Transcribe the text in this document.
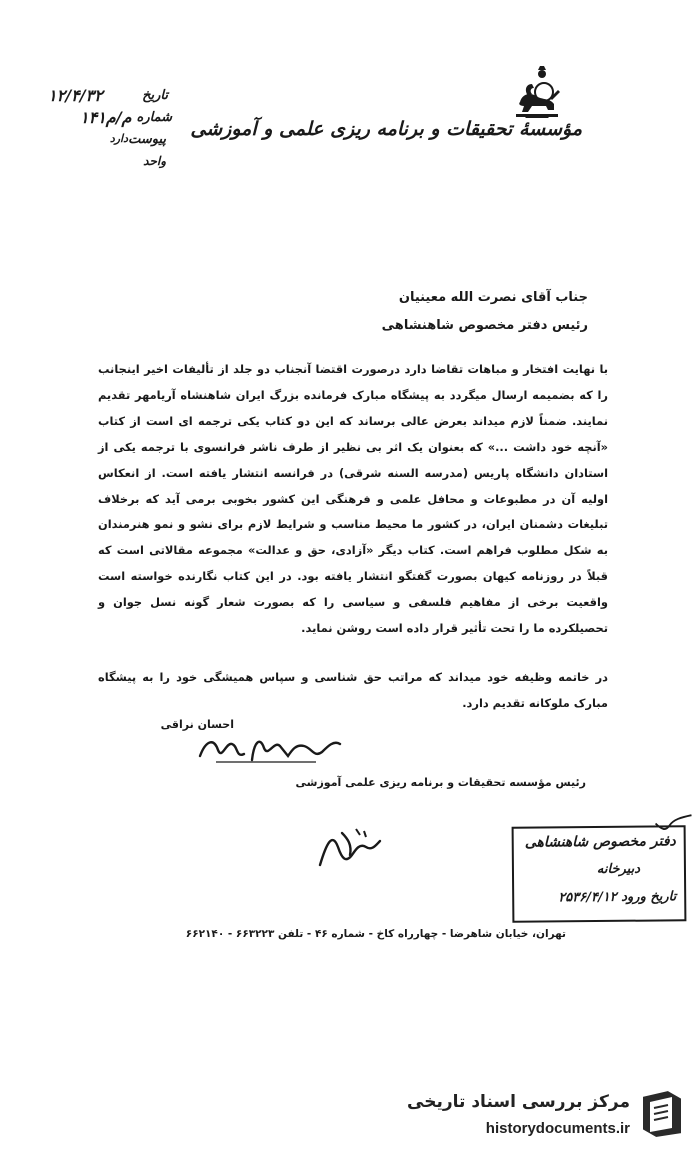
مؤسسهٔ تحقیقات و برنامه ریزی علمی و آموزشی
تاریخ
۱۲/۴/۳۲
شماره
۱۴۱م/م
پیوست
دارد
واحد
جناب آقای نصرت الله معینیان
رئیس دفتر مخصوص شاهنشاهی

با نهایت افتخار و مباهات تقاضا دارد درصورت اقتضا آنجناب دو جلد از تألیفات اخیر اینجانب را که بضمیمه ارسال میگردد به پیشگاه مبارک فرمانده بزرگ ایران شاهنشاه آریامهر تقدیم نمایند. ضمناً لازم میداند بعرض عالی برساند که این دو کتاب یکی ترجمه ای است از کتاب «آنچه خود داشت ...» که بعنوان یک اثر بی نظیر از طرف ناشر فرانسوی با ترجمه یکی از استادان دانشگاه پاریس (مدرسه السنه شرقی) در فرانسه انتشار یافته است. از انعکاس اولیه آن در مطبوعات و محافل علمی و فرهنگی این کشور بخوبی برمی آید که برخلاف تبلیغات دشمنان ایران، در کشور ما محیط مناسب و شرایط لازم برای نشو و نمو هنرمندان به شکل مطلوب فراهم است. کتاب دیگر «آزادی، حق و عدالت» مجموعه مقالاتی است که قبلاً در روزنامه کیهان بصورت گفتگو انتشار یافته بود. در این کتاب نگارنده خواسته است واقعیت برخی از مفاهیم فلسفی و سیاسی را که بصورت شعار گونه نسل جوان و تحصیلکرده ما را تحت تأثیر قرار داده است روشن نماید.

در خاتمه وظیفه خود میداند که مراتب حق شناسی و سپاس همیشگی خود را به پیشگاه مبارک ملوکانه تقدیم دارد.

احسان نراقی
رئیس مؤسسه تحقیقات و برنامه ریزی علمی آموزشی
دفتر مخصوص شاهنشاهی
دبیرخانه
تاریخ ورود ۲۵۳۶/۴/۱۲
تهران، خیابان شاهرضا - چهارراه کاخ - شماره ۴۶ - تلفن ۶۶۳۲۲۳ - ۶۶۲۱۴۰
مرکز بررسی اسناد تاریخی
historydocuments.ir
